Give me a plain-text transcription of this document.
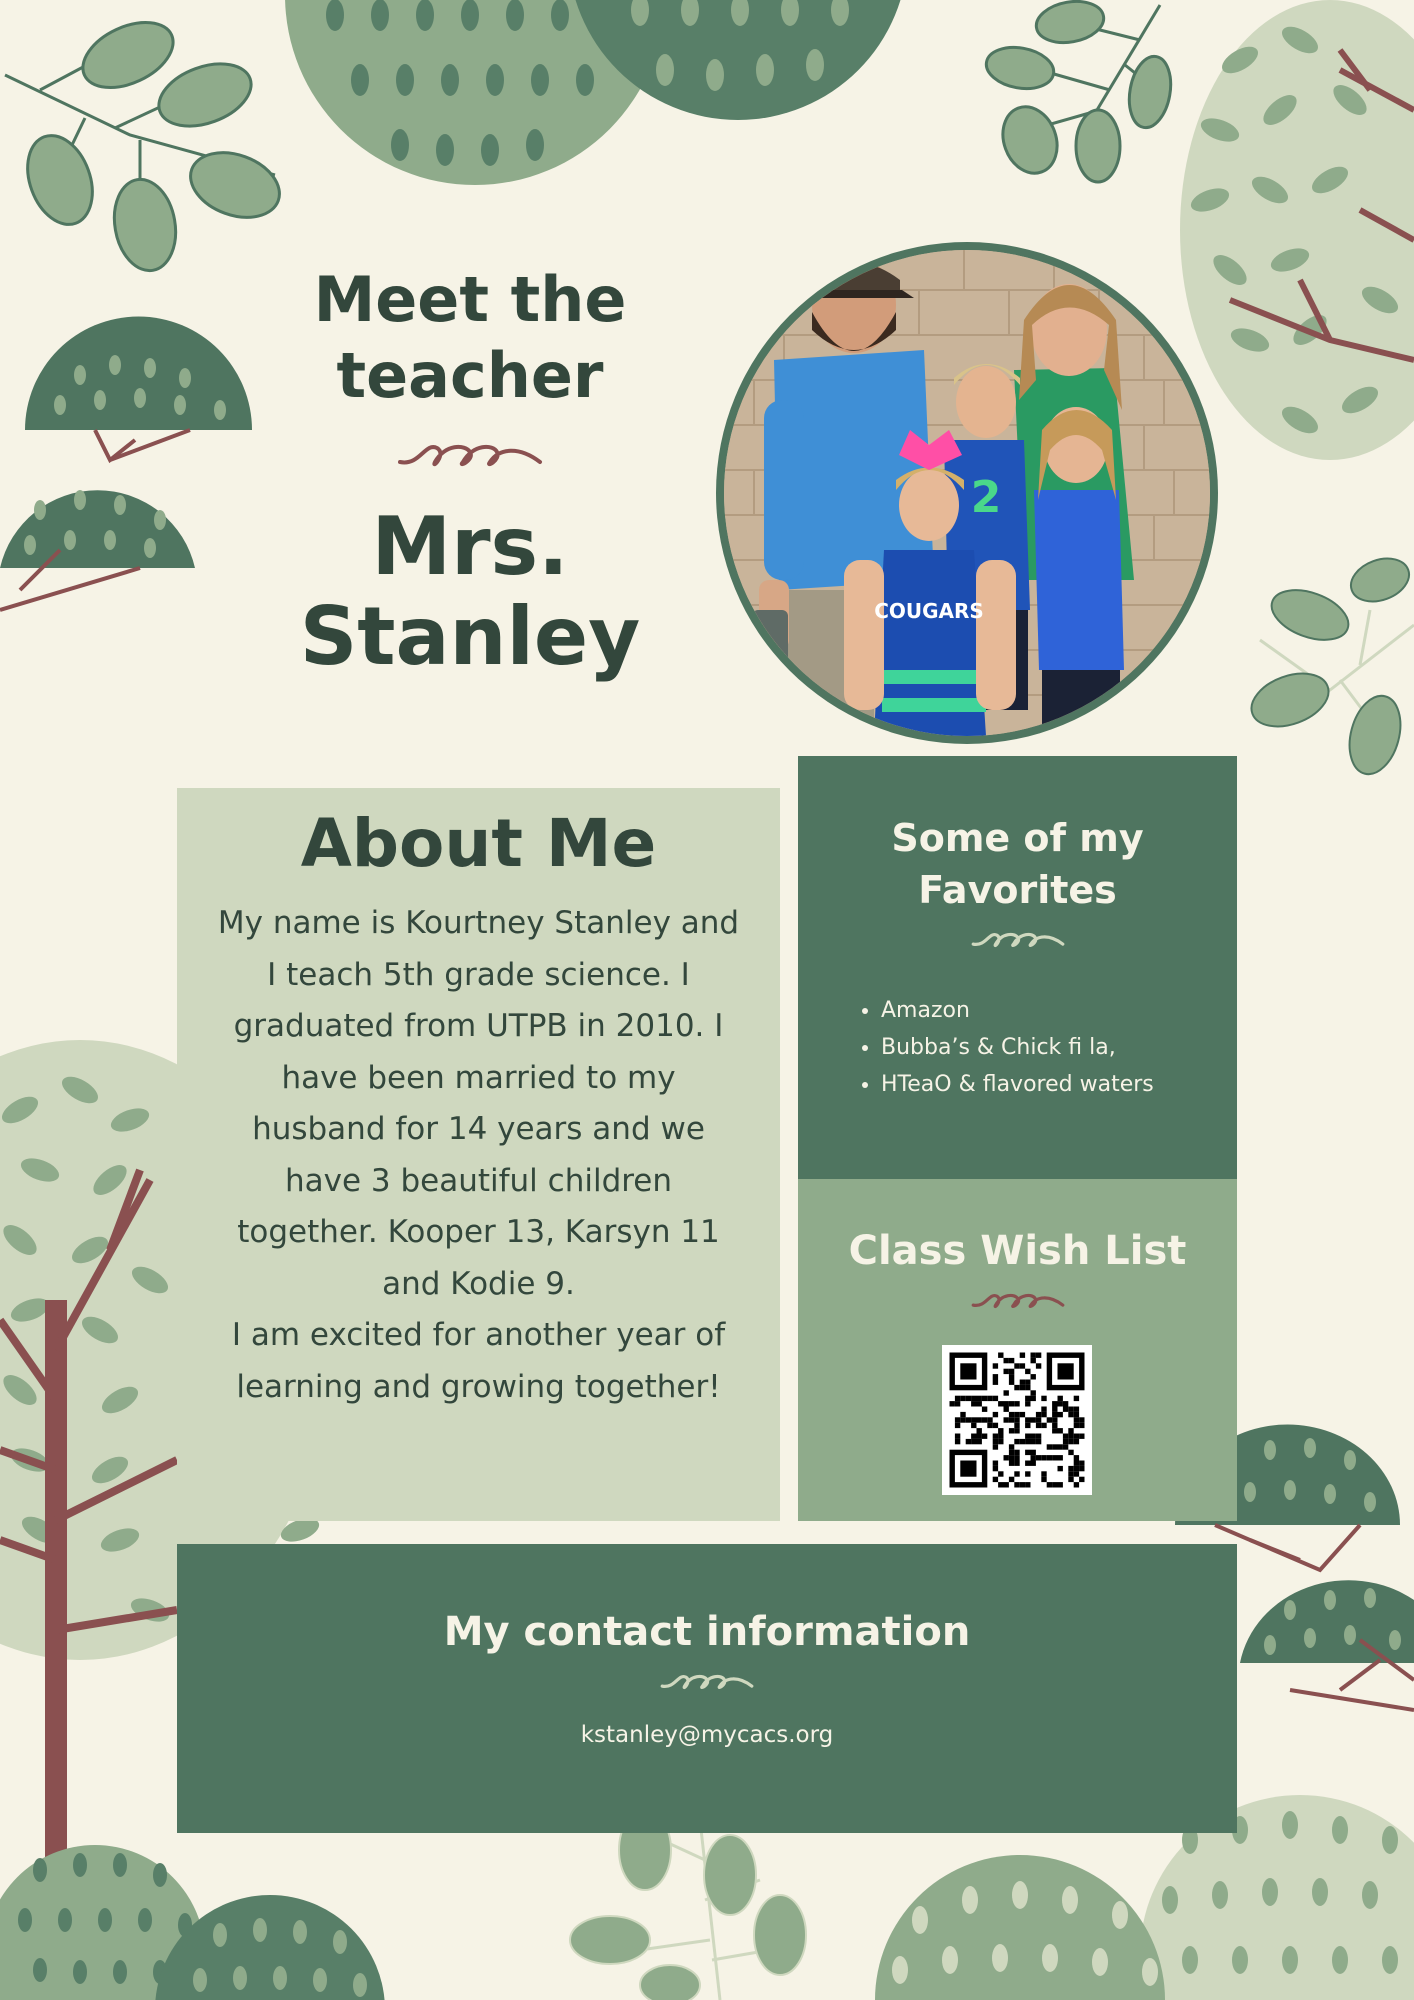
Meet the teacher
Mrs. Stanley
2
COUGARS
About Me

My name is Kourtney Stanley and I teach 5th grade science. I graduated from UTPB in 2010. I have been married to my husband for 14 years and we have 3 beautiful children together. Kooper 13, Karsyn 11 and Kodie 9.
I am excited for another year of learning and growing together!

Some of my Favorites
• Amazon
• Bubba’s & Chick fi la,
• HTeaO & flavored waters
Class Wish List
My contact information

kstanley@mycacs.org
